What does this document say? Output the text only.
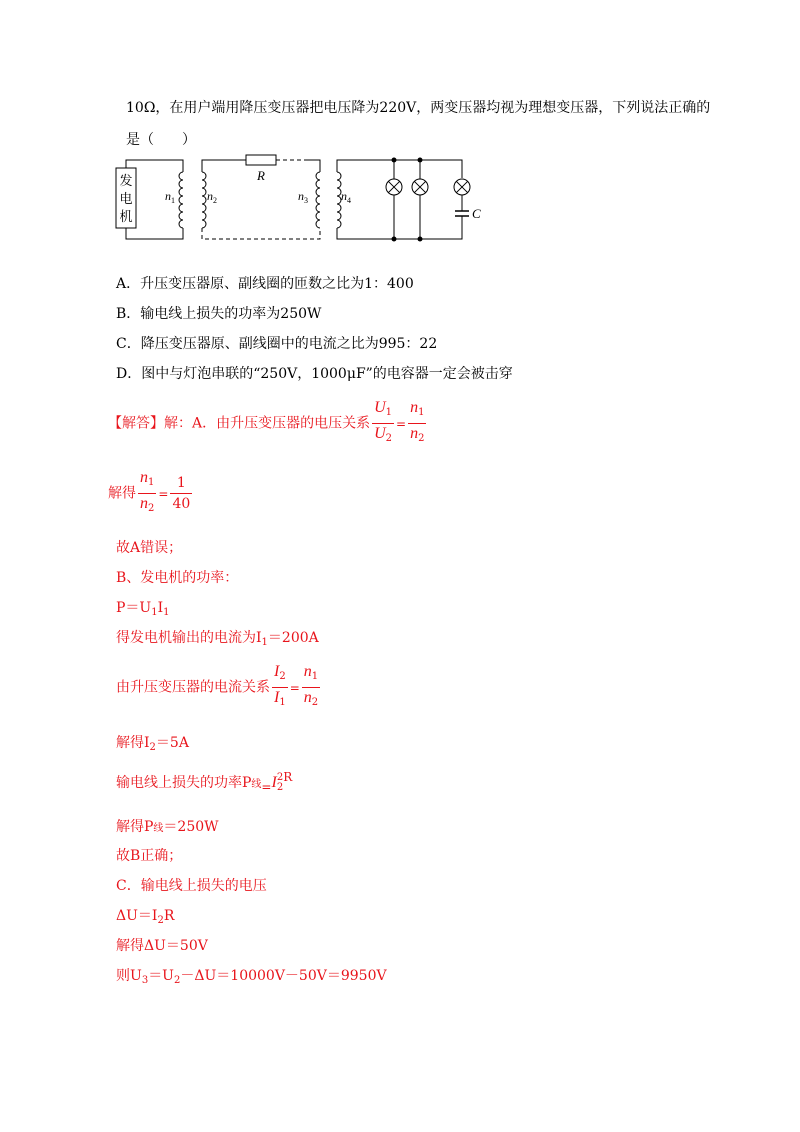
10Ω，在用户端用降压变压器把电压降为220V，两变压器均视为理想变压器，下列说法正确的
是（　　）
发
电
机
$n_1$	$n_2$
R
$n_3$	$n_4$
C
A．升压变压器原、副线圈的匝数之比为1：400
B．输电线上损失的功率为250W
C．降压变压器原、副线圈中的电流之比为995：22
D．图中与灯泡串联的“250V，1000μF”的电容器一定会被击穿
【解答】解：A．由升压变压器的电压关系 $\frac{U_1}{U_2} = \frac{n_1}{n_2}$
解得 $\frac{n_1}{n_2} = \frac{1}{40}$
故A错误；
B、发电机的功率：
$P=U_1I_1$
得发电机输出的电流为$I_1=200A$
由升压变压器的电流关系 $\frac{I_2}{I_1} = \frac{n_1}{n_2}$
解得$I_2=5A$
输电线上损失的功率P线=I 2
2
R
解得P线＝250W
故B正确；
C．输电线上损失的电压
$\Delta U=I_2R$
解得ΔU＝50V
则$U_3=U_2-\Delta U=10000V-50V=9950V$
